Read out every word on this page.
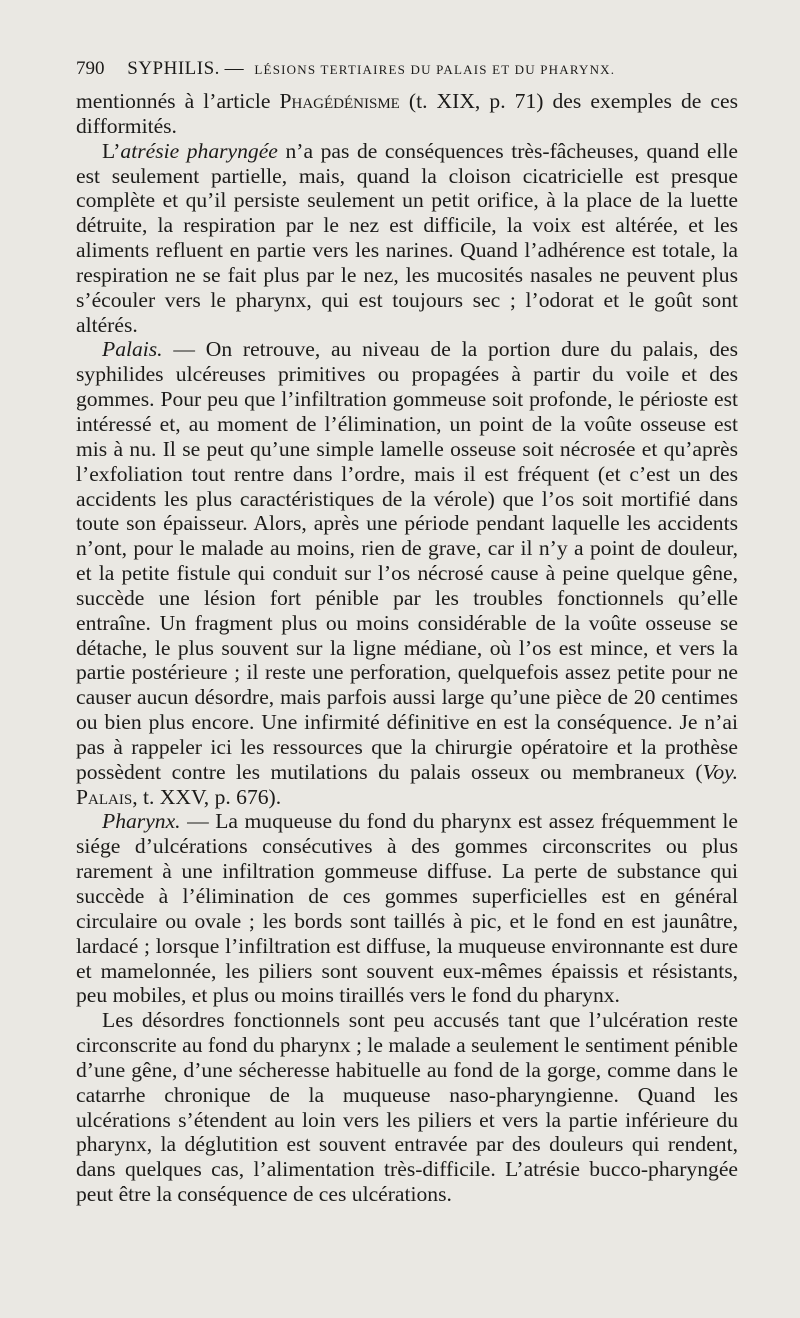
790 SYPHILIS. — LÉSIONS TERTIAIRES DU PALAIS ET DU PHARYNX.

mentionnés à l’article Phagédénisme (t. XIX, p. 71) des exemples de ces difformités.

L’atrésie pharyngée n’a pas de conséquences très-fâcheuses, quand elle est seulement partielle, mais, quand la cloison cicatricielle est presque complète et qu’il persiste seulement un petit orifice, à la place de la luette détruite, la respiration par le nez est difficile, la voix est altérée, et les aliments refluent en partie vers les narines. Quand l’adhérence est totale, la respiration ne se fait plus par le nez, les mucosités nasales ne peuvent plus s’écouler vers le pharynx, qui est toujours sec ; l’odorat et le goût sont altérés.

Palais. — On retrouve, au niveau de la portion dure du palais, des syphilides ulcéreuses primitives ou propagées à partir du voile et des gommes. Pour peu que l’infiltration gommeuse soit profonde, le périoste est intéressé et, au moment de l’élimination, un point de la voûte osseuse est mis à nu. Il se peut qu’une simple lamelle osseuse soit nécrosée et qu’après l’exfoliation tout rentre dans l’ordre, mais il est fréquent (et c’est un des accidents les plus caractéristiques de la vérole) que l’os soit mortifié dans toute son épaisseur. Alors, après une période pendant laquelle les accidents n’ont, pour le malade au moins, rien de grave, car il n’y a point de douleur, et la petite fistule qui conduit sur l’os nécrosé cause à peine quelque gêne, succède une lésion fort pénible par les troubles fonctionnels qu’elle entraîne. Un fragment plus ou moins considérable de la voûte osseuse se détache, le plus souvent sur la ligne médiane, où l’os est mince, et vers la partie postérieure ; il reste une perforation, quelquefois assez petite pour ne causer aucun désordre, mais parfois aussi large qu’une pièce de 20 centimes ou bien plus encore. Une infirmité définitive en est la conséquence. Je n’ai pas à rappeler ici les ressources que la chirurgie opératoire et la prothèse possèdent contre les mutilations du palais osseux ou membraneux (Voy. Palais, t. XXV, p. 676).

Pharynx. — La muqueuse du fond du pharynx est assez fréquemment le siége d’ulcérations consécutives à des gommes circonscrites ou plus rarement à une infiltration gommeuse diffuse. La perte de substance qui succède à l’élimination de ces gommes superficielles est en général circulaire ou ovale ; les bords sont taillés à pic, et le fond en est jaunâtre, lardacé ; lorsque l’infiltration est diffuse, la muqueuse environnante est dure et mamelonnée, les piliers sont souvent eux-mêmes épaissis et résistants, peu mobiles, et plus ou moins tiraillés vers le fond du pharynx.

Les désordres fonctionnels sont peu accusés tant que l’ulcération reste circonscrite au fond du pharynx ; le malade a seulement le sentiment pénible d’une gêne, d’une sécheresse habituelle au fond de la gorge, comme dans le catarrhe chronique de la muqueuse naso-pharyngienne. Quand les ulcérations s’étendent au loin vers les piliers et vers la partie inférieure du pharynx, la déglutition est souvent entravée par des douleurs qui rendent, dans quelques cas, l’alimentation très-difficile. L’atrésie bucco-pharyngée peut être la conséquence de ces ulcérations.
